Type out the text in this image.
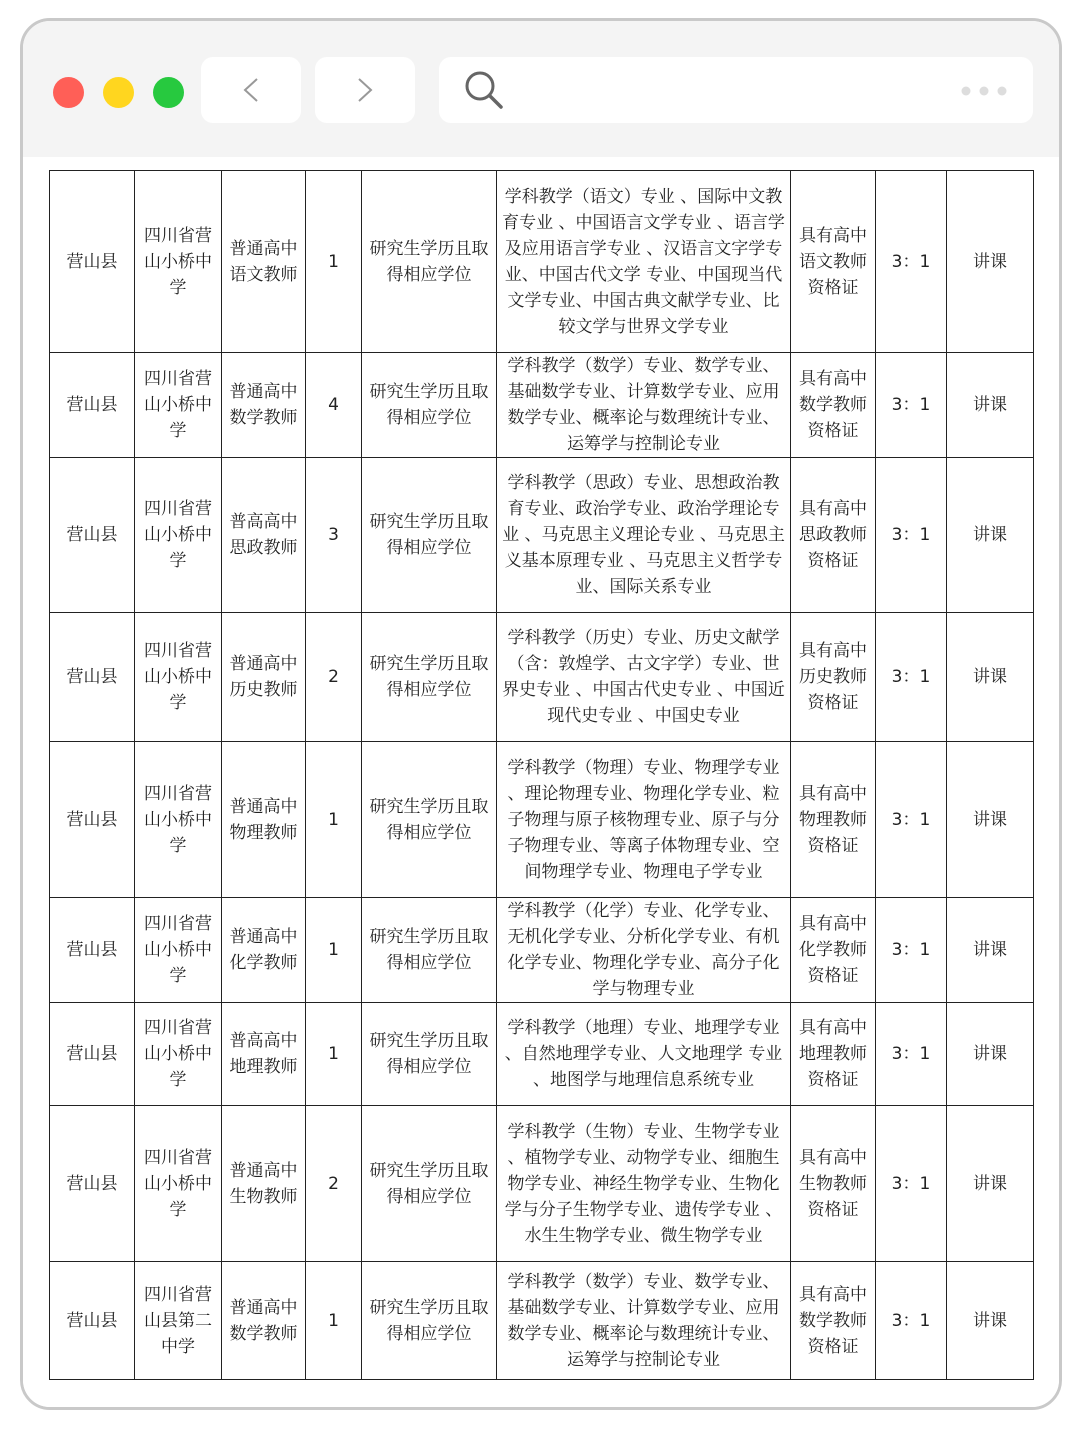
营山县	四川省营山小桥中学	普通高中语文教师	1	研究生学历且取得相应学位	学科教学（语文）专业 、国际中文教育专业 、中国语言文学专业 、语言学及应用语言学专业 、汉语言文字学专业、中国古代文学 专业、中国现当代文学专业、中国古典文献学专业、比较文学与世界文学专业	具有高中语文教师资格证	3：1	讲课
营山县	四川省营山小桥中学	普通高中数学教师	4	研究生学历且取得相应学位	学科教学（数学）专业、数学专业、基础数学专业、计算数学专业、应用数学专业、概率论与数理统计专业、运筹学与控制论专业	具有高中数学教师资格证	3：1	讲课
营山县	四川省营山小桥中学	普高高中思政教师	3	研究生学历且取得相应学位	学科教学（思政）专业、思想政治教育专业、政治学专业、政治学理论专业 、马克思主义理论专业 、马克思主义基本原理专业 、马克思主义哲学专业、国际关系专业	具有高中思政教师资格证	3：1	讲课
营山县	四川省营山小桥中学	普通高中历史教师	2	研究生学历且取得相应学位	学科教学（历史）专业、历史文献学（含：敦煌学、古文字学）专业、世界史专业 、中国古代史专业 、中国近现代史专业 、中国史专业	具有高中历史教师资格证	3：1	讲课
营山县	四川省营山小桥中学	普通高中物理教师	1	研究生学历且取得相应学位	学科教学（物理）专业、物理学专业 、理论物理专业、物理化学专业、粒子物理与原子核物理专业、原子与分子物理专业、等离子体物理专业、空间物理学专业、物理电子学专业	具有高中物理教师资格证	3：1	讲课
营山县	四川省营山小桥中学	普通高中化学教师	1	研究生学历且取得相应学位	学科教学（化学）专业、化学专业、无机化学专业、分析化学专业、有机化学专业、物理化学专业、高分子化学与物理专业	具有高中化学教师资格证	3：1	讲课
营山县	四川省营山小桥中学	普高高中地理教师	1	研究生学历且取得相应学位	学科教学（地理）专业、地理学专业 、自然地理学专业、人文地理学 专业 、地图学与地理信息系统专业	具有高中地理教师资格证	3：1	讲课
营山县	四川省营山小桥中学	普通高中生物教师	2	研究生学历且取得相应学位	学科教学（生物）专业、生物学专业 、植物学专业、动物学专业、细胞生物学专业、神经生物学专业、生物化学与分子生物学专业、遗传学专业 、水生生物学专业、微生物学专业	具有高中生物教师资格证	3：1	讲课
营山县	四川省营山县第二中学	普通高中数学教师	1	研究生学历且取得相应学位	学科教学（数学）专业、数学专业、基础数学专业、计算数学专业、应用数学专业、概率论与数理统计专业、运筹学与控制论专业	具有高中数学教师资格证	3：1	讲课
